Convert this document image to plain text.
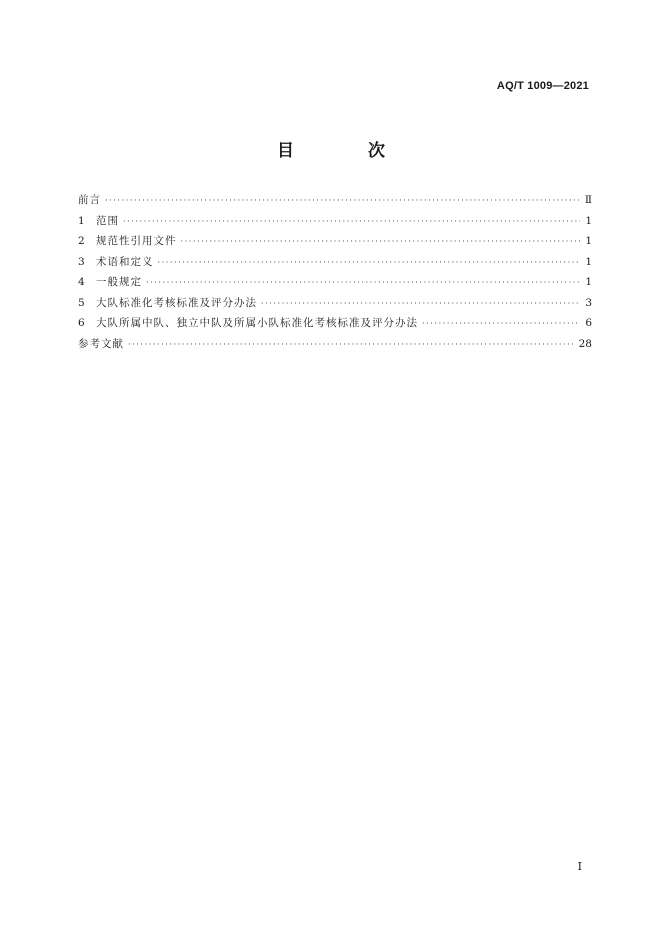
AQ/T 1009—2021
目 次
前言 ·····	Ⅱ
1	范围 ·····	1
2	规范性引用文件 ·····	1
3	术语和定义 ·····	1
4	一般规定 ·····	1
5	大队标准化考核标准及评分办法 ·····	3
6	大队所属中队、独立中队及所属小队标准化考核标准及评分办法 ·····	6
参考文献 ·····	28
Ⅰ
